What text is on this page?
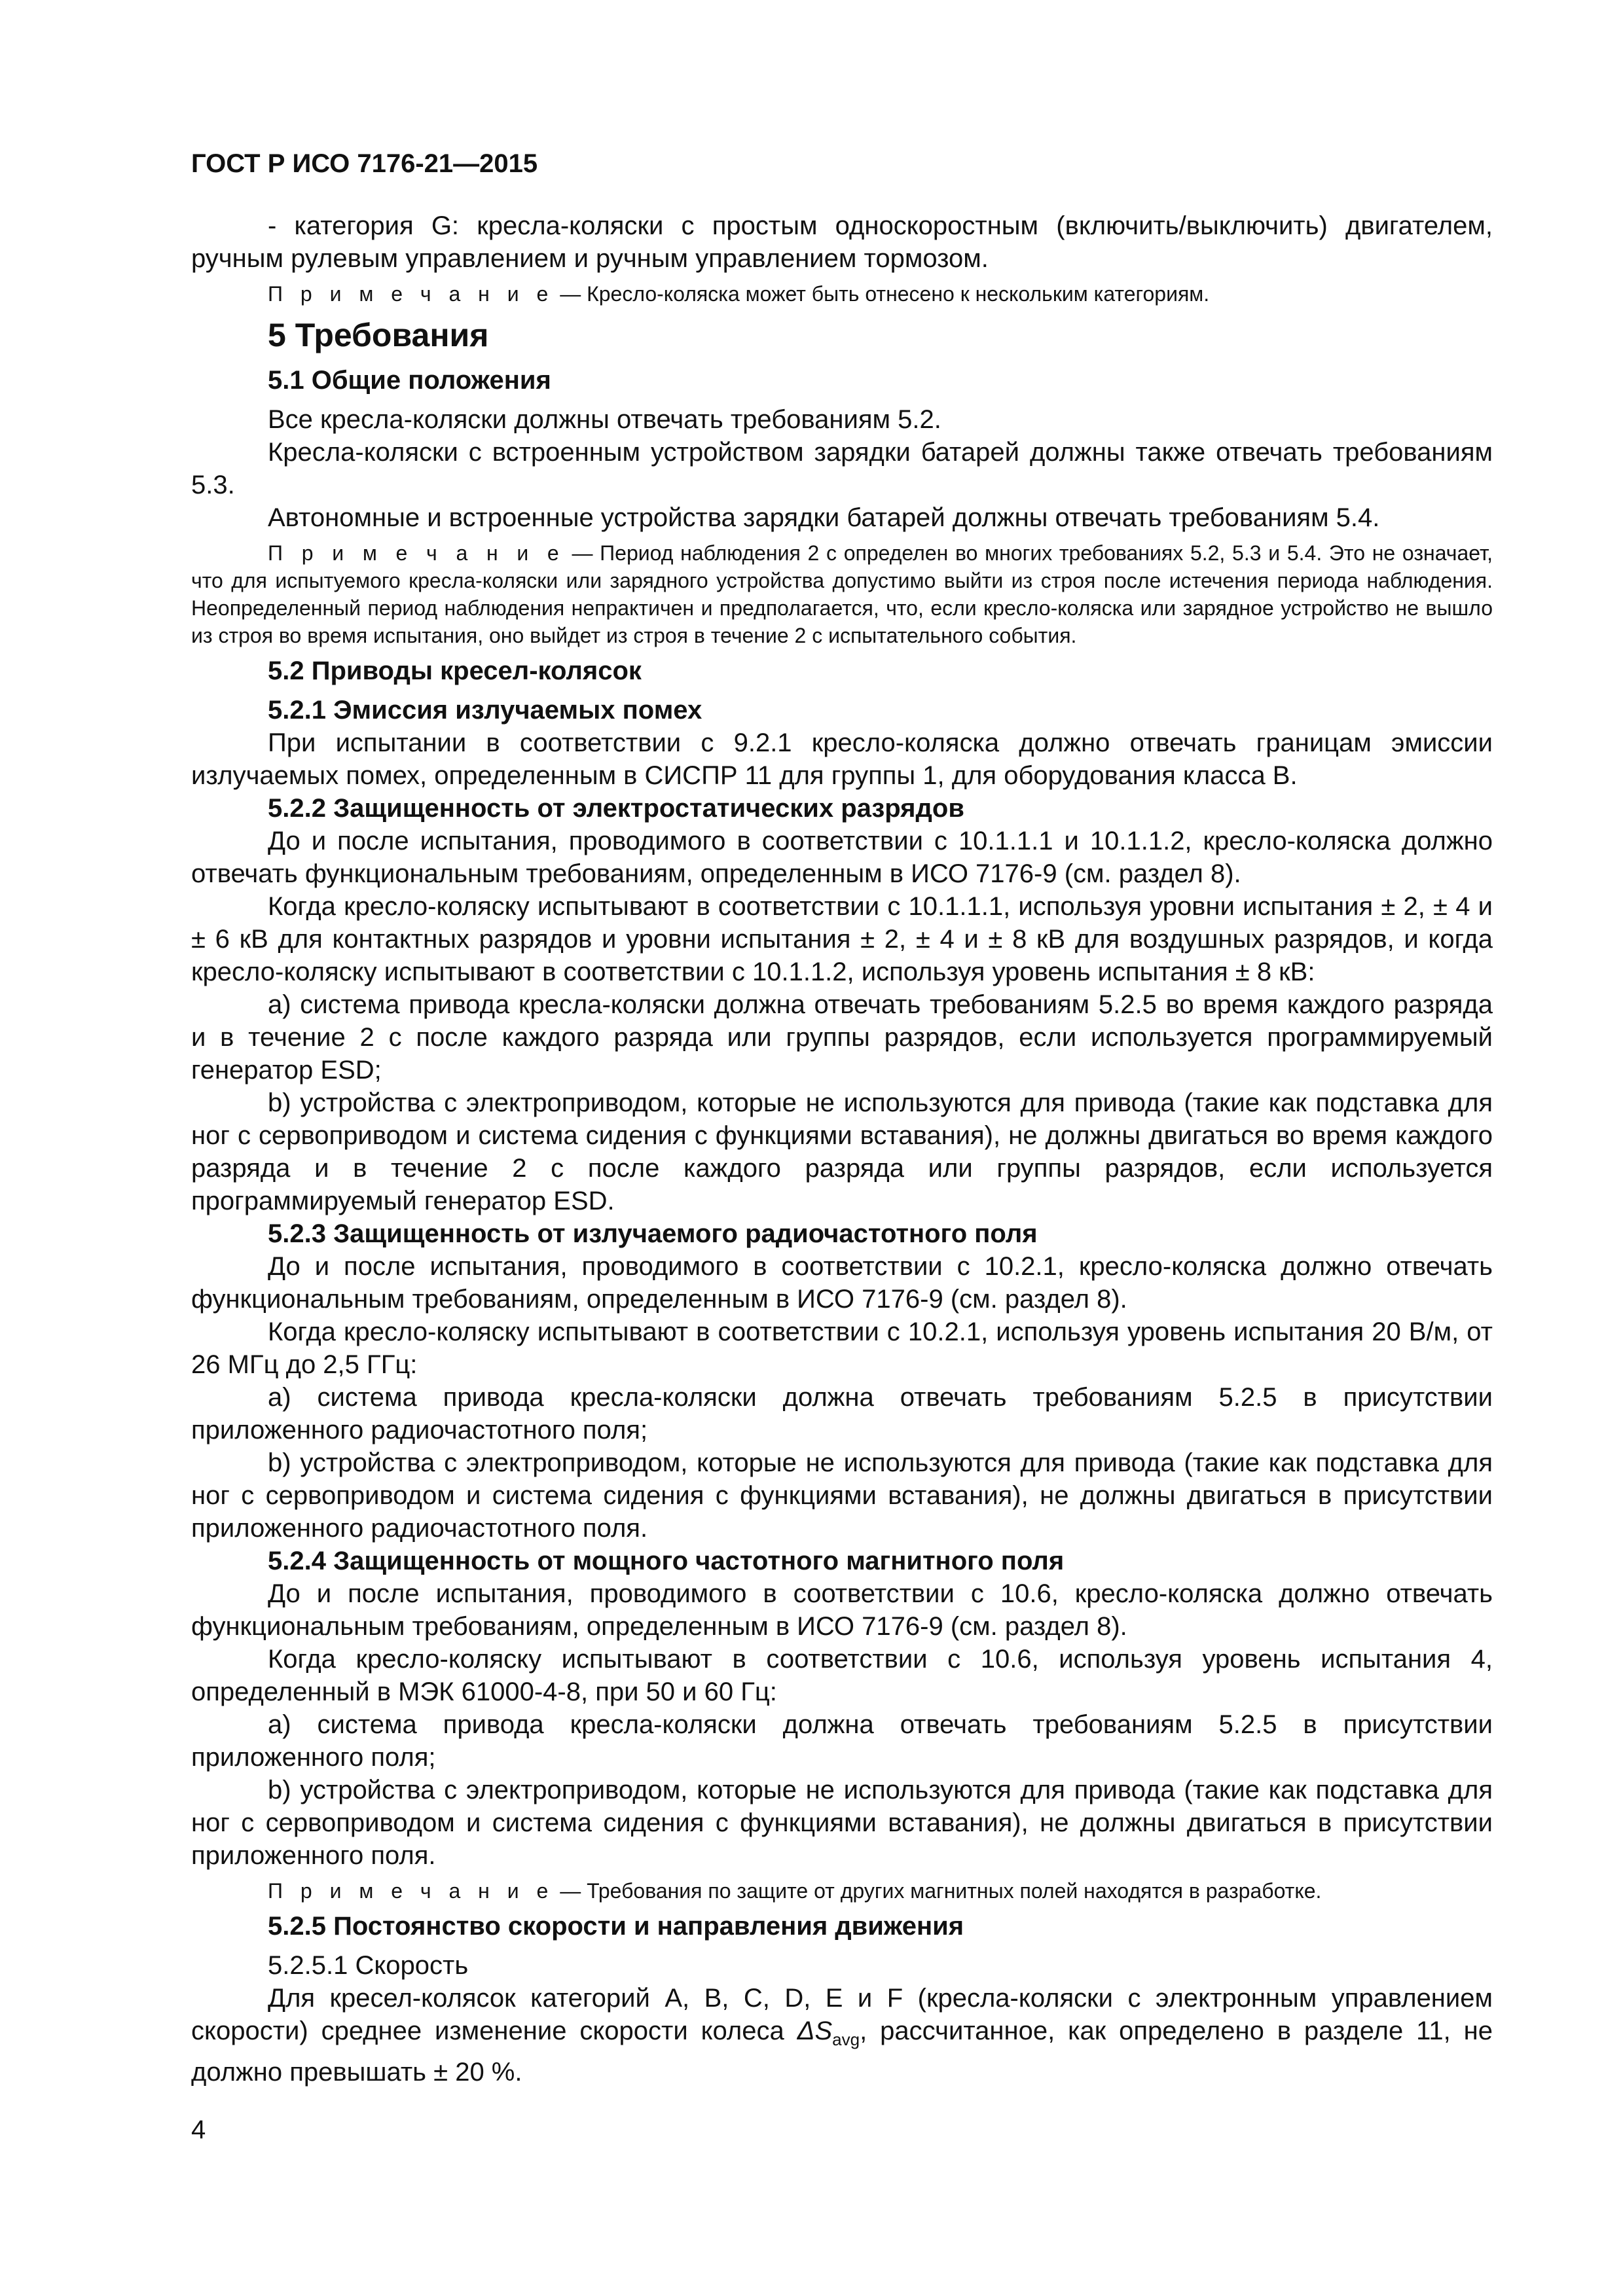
ГОСТ Р ИСО 7176-21—2015

- категория G: кресла-коляски с простым односкоростным (включить/выключить) двигателем, ручным рулевым управлением и ручным управлением тормозом.

П р и м е ч а н и е — Кресло-коляска может быть отнесено к нескольким категориям.

5 Требования

5.1 Общие положения

Все кресла-коляски должны отвечать требованиям 5.2.

Кресла-коляски с встроенным устройством зарядки батарей должны также отвечать требованиям 5.3.

Автономные и встроенные устройства зарядки батарей должны отвечать требованиям 5.4.

П р и м е ч а н и е — Период наблюдения 2 с определен во многих требованиях 5.2, 5.3 и 5.4. Это не означает, что для испытуемого кресла-коляски или зарядного устройства допустимо выйти из строя после истечения периода наблюдения. Неопределенный период наблюдения непрактичен и предполагается, что, если кресло-коляска или зарядное устройство не вышло из строя во время испытания, оно выйдет из строя в течение 2 с испытательного события.

5.2 Приводы кресел-колясок

5.2.1 Эмиссия излучаемых помех

При испытании в соответствии с 9.2.1 кресло-коляска должно отвечать границам эмиссии излучаемых помех, определенным в СИСПР 11 для группы 1, для оборудования класса В.

5.2.2 Защищенность от электростатических разрядов

До и после испытания, проводимого в соответствии с 10.1.1.1 и 10.1.1.2, кресло-коляска должно отвечать функциональным требованиям, определенным в ИСО 7176-9 (см. раздел 8).

Когда кресло-коляску испытывают в соответствии с 10.1.1.1, используя уровни испытания ± 2, ± 4 и ± 6 кВ для контактных разрядов и уровни испытания ± 2, ± 4 и ± 8 кВ для воздушных разрядов, и когда кресло-коляску испытывают в соответствии с 10.1.1.2, используя уровень испытания ± 8 кВ:

a) система привода кресла-коляски должна отвечать требованиям 5.2.5 во время каждого разряда и в течение 2 с после каждого разряда или группы разрядов, если используется программируемый генератор ESD;

b) устройства с электроприводом, которые не используются для привода (такие как подставка для ног с сервоприводом и система сидения с функциями вставания), не должны двигаться во время каждого разряда и в течение 2 с после каждого разряда или группы разрядов, если используется программируемый генератор ESD.

5.2.3 Защищенность от излучаемого радиочастотного поля

До и после испытания, проводимого в соответствии с 10.2.1, кресло-коляска должно отвечать функциональным требованиям, определенным в ИСО 7176-9 (см. раздел 8).

Когда кресло-коляску испытывают в соответствии с 10.2.1, используя уровень испытания 20 В/м, от 26 МГц до 2,5 ГГц:

a) система привода кресла-коляски должна отвечать требованиям 5.2.5 в присутствии приложенного радиочастотного поля;

b) устройства с электроприводом, которые не используются для привода (такие как подставка для ног с сервоприводом и система сидения с функциями вставания), не должны двигаться в присутствии приложенного радиочастотного поля.

5.2.4 Защищенность от мощного частотного магнитного поля

До и после испытания, проводимого в соответствии с 10.6, кресло-коляска должно отвечать функциональным требованиям, определенным в ИСО 7176-9 (см. раздел 8).

Когда кресло-коляску испытывают в соответствии с 10.6, используя уровень испытания 4, определенный в МЭК 61000-4-8, при 50 и 60 Гц:

a) система привода кресла-коляски должна отвечать требованиям 5.2.5 в присутствии приложенного поля;

b) устройства с электроприводом, которые не используются для привода (такие как подставка для ног с сервоприводом и система сидения с функциями вставания), не должны двигаться в присутствии приложенного поля.

П р и м е ч а н и е — Требования по защите от других магнитных полей находятся в разработке.

5.2.5 Постоянство скорости и направления движения

5.2.5.1 Скорость

Для кресел-колясок категорий A, B, C, D, E и F (кресла-коляски с электронным управлением скорости) среднее изменение скорости колеса $\Delta S_{avg}$, рассчитанное, как определено в разделе 11, не должно превышать ± 20 %.

4
